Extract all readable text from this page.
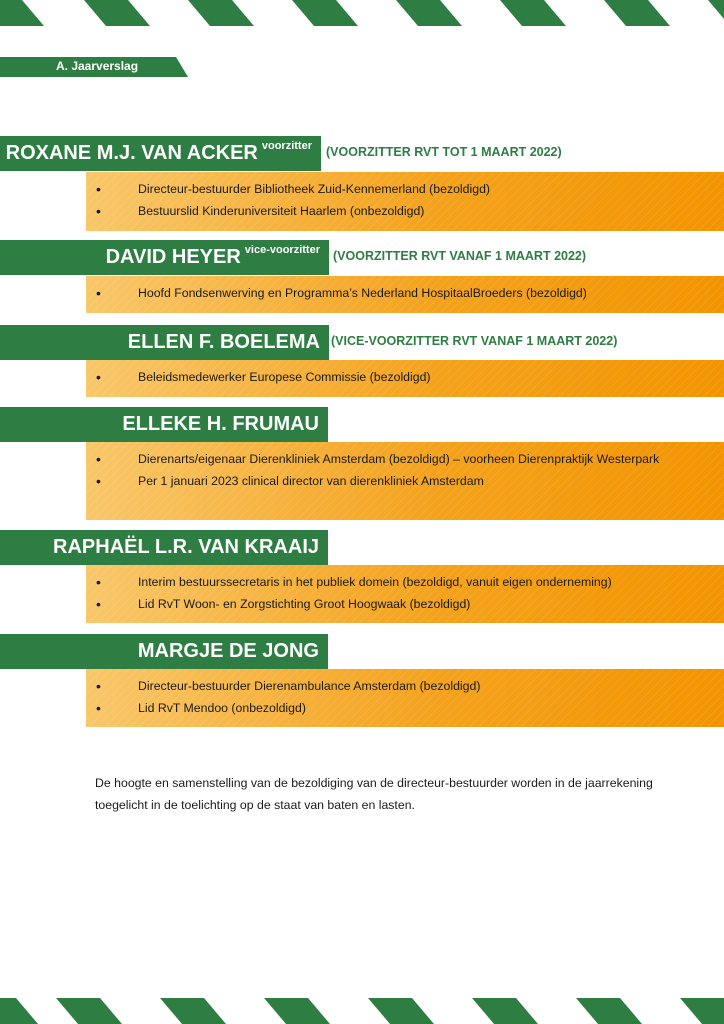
A. Jaarverslag
ROXANE M.J. VAN ACKER $^{voorzitter}$	(VOORZITTER RVT TOT 1 MAART 2022)
•	Directeur-bestuurder Bibliotheek Zuid-Kennemerland (bezoldigd)
•	Bestuurslid Kinderuniversiteit Haarlem (onbezoldigd)
DAVID HEYER $^{vice-voorzitter}$	(VOORZITTER RVT VANAF 1 MAART 2022)
•	Hoofd Fondsenwerving en Programma’s Nederland HospitaalBroeders (bezoldigd)
ELLEN F. BOELEMA (VICE-VOORZITTER RVT VANAF 1 MAART 2022)
•	Beleidsmedewerker Europese Commissie (bezoldigd)
ELLEKE H. FRUMAU
•	Dierenarts/eigenaar Dierenkliniek Amsterdam (bezoldigd) – voorheen Dierenpraktijk Westerpark
•	Per 1 januari 2023 clinical director van dierenkliniek Amsterdam
RAPHAËL L.R. VAN KRAAIJ
•	Interim bestuurssecretaris in het publiek domein (bezoldigd, vanuit eigen onderneming)
•	Lid RvT Woon- en Zorgstichting Groot Hoogwaak (bezoldigd)
MARGJE DE JONG
•	Directeur-bestuurder Dierenambulance Amsterdam (bezoldigd)
•	Lid RvT Mendoo (onbezoldigd)

De hoogte en samenstelling van de bezoldiging van de directeur-bestuurder worden in de jaarrekening toegelicht in de toelichting op de staat van baten en lasten.
